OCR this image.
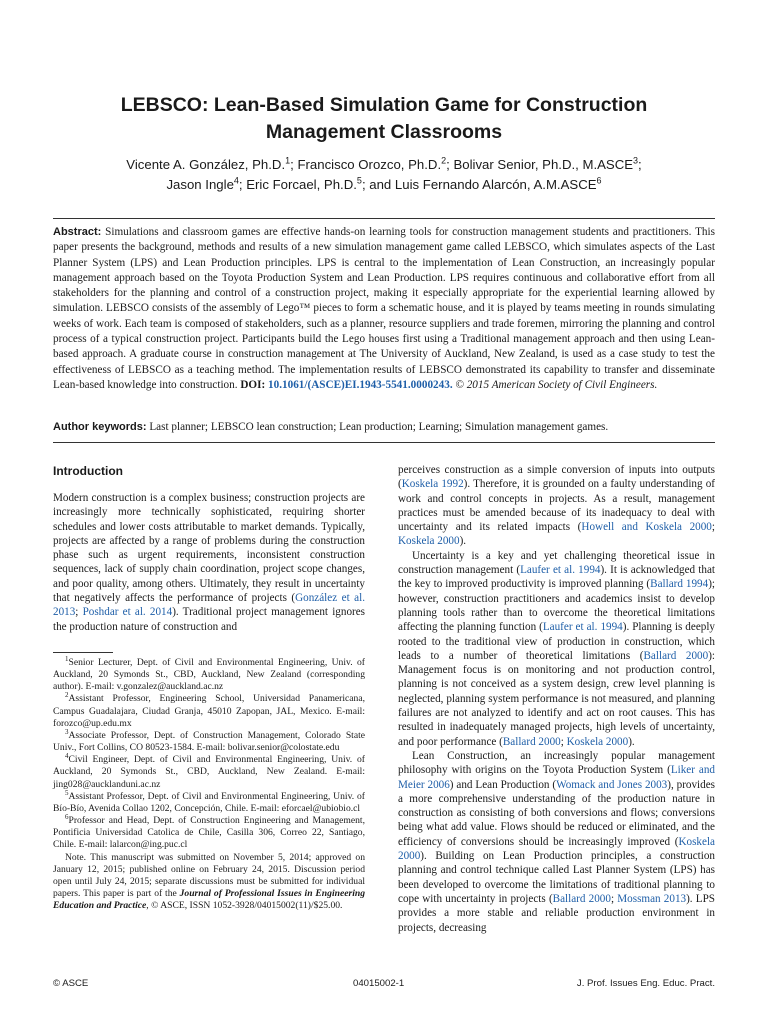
LEBSCO: Lean-Based Simulation Game for Construction
Management Classrooms
Vicente A. González, Ph.D.$^1$; Francisco Orozco, Ph.D.$^2$; Bolivar Senior, Ph.D., M.ASCE$^3$;
Jason Ingle$^4$; Eric Forcael, Ph.D.$^5$; and Luis Fernando Alarcón, A.M.ASCE$^6$
Abstract: Simulations and classroom games are effective hands-on learning tools for construction management students and practitioners. This paper presents the background, methods and results of a new simulation management game called LEBSCO, which simulates aspects of the Last Planner System (LPS) and Lean Production principles. LPS is central to the implementation of Lean Construction, an increasingly popular management approach based on the Toyota Production System and Lean Production. LPS requires continuous and collaborative effort from all stakeholders for the planning and control of a construction project, making it especially appropriate for the experiential learning allowed by simulation. LEBSCO consists of the assembly of Lego™ pieces to form a schematic house, and it is played by teams meeting in rounds simulating weeks of work. Each team is composed of stakeholders, such as a planner, resource suppliers and trade foremen, mirroring the planning and control process of a typical construction project. Participants build the Lego houses first using a Traditional management approach and then using Lean-based approach. A graduate course in construction management at The University of Auckland, New Zealand, is used as a case study to test the effectiveness of LEBSCO as a teaching method. The implementation results of LEBSCO demonstrated its capability to transfer and disseminate Lean-based knowledge into construction. DOI: 10.1061/(ASCE)EI.1943-5541.0000243. © 2015 American Society of Civil Engineers.
Author keywords: Last planner; LEBSCO lean construction; Lean production; Learning; Simulation management games.
Introduction

Modern construction is a complex business; construction projects are increasingly more technically sophisticated, requiring shorter schedules and lower costs attributable to market demands. Typically, projects are affected by a range of problems during the construction phase such as urgent requirements, inconsistent construction sequences, lack of supply chain coordination, project scope changes, and poor quality, among others. Ultimately, they result in uncertainty that negatively affects the performance of projects (González et al. 2013; Poshdar et al. 2014). Traditional project management ignores the production nature of construction and

$^1$Senior Lecturer, Dept. of Civil and Environmental Engineering, Univ. of Auckland, 20 Symonds St., CBD, Auckland, New Zealand (corresponding author). E-mail: v.gonzalez@auckland.ac.nz

$^2$Assistant Professor, Engineering School, Universidad Panamericana, Campus Guadalajara, Ciudad Granja, 45010 Zapopan, JAL, Mexico. E-mail: forozco@up.edu.mx

$^3$Associate Professor, Dept. of Construction Management, Colorado State Univ., Fort Collins, CO 80523-1584. E-mail: bolivar.senior@colostate.edu

$^4$Civil Engineer, Dept. of Civil and Environmental Engineering, Univ. of Auckland, 20 Symonds St., CBD, Auckland, New Zealand. E-mail: jing028@aucklanduni.ac.nz

$^5$Assistant Professor, Dept. of Civil and Environmental Engineering, Univ. of Bío-Bío, Avenida Collao 1202, Concepción, Chile. E-mail: eforcael@ubiobio.cl

$^6$Professor and Head, Dept. of Construction Engineering and Management, Pontificia Universidad Catolica de Chile, Casilla 306, Correo 22, Santiago, Chile. E-mail: lalarcon@ing.puc.cl

Note. This manuscript was submitted on November 5, 2014; approved on January 12, 2015; published online on February 24, 2015. Discussion period open until July 24, 2015; separate discussions must be submitted for individual papers. This paper is part of the Journal of Professional Issues in Engineering Education and Practice, © ASCE, ISSN 1052-3928/04015002(11)/$25.00.

perceives construction as a simple conversion of inputs into outputs (Koskela 1992). Therefore, it is grounded on a faulty understanding of work and control concepts in projects. As a result, management practices must be amended because of its inadequacy to deal with uncertainty and its related impacts (Howell and Koskela 2000; Koskela 2000).

Uncertainty is a key and yet challenging theoretical issue in construction management (Laufer et al. 1994). It is acknowledged that the key to improved productivity is improved planning (Ballard 1994); however, construction practitioners and academics insist to develop planning tools rather than to overcome the theoretical limitations affecting the planning function (Laufer et al. 1994). Planning is deeply rooted to the traditional view of production in construction, which leads to a number of theoretical limitations (Ballard 2000): Management focus is on monitoring and not production control, planning is not conceived as a system design, crew level planning is neglected, planning system performance is not measured, and planning failures are not analyzed to identify and act on root causes. This has resulted in inadequately managed projects, high levels of uncertainty, and poor performance (Ballard 2000; Koskela 2000).

Lean Construction, an increasingly popular management philosophy with origins on the Toyota Production System (Liker and Meier 2006) and Lean Production (Womack and Jones 2003), provides a more comprehensive understanding of the production nature in construction as consisting of both conversions and flows; conversions being what add value. Flows should be reduced or eliminated, and the efficiency of conversions should be increasingly improved (Koskela 2000). Building on Lean Production principles, a construction planning and control technique called Last Planner System (LPS) has been developed to overcome the limitations of traditional planning to cope with uncertainty in projects (Ballard 2000; Mossman 2013). LPS provides a more stable and reliable production environment in projects, decreasing

© ASCE	04015002-1	J. Prof. Issues Eng. Educ. Pract.
